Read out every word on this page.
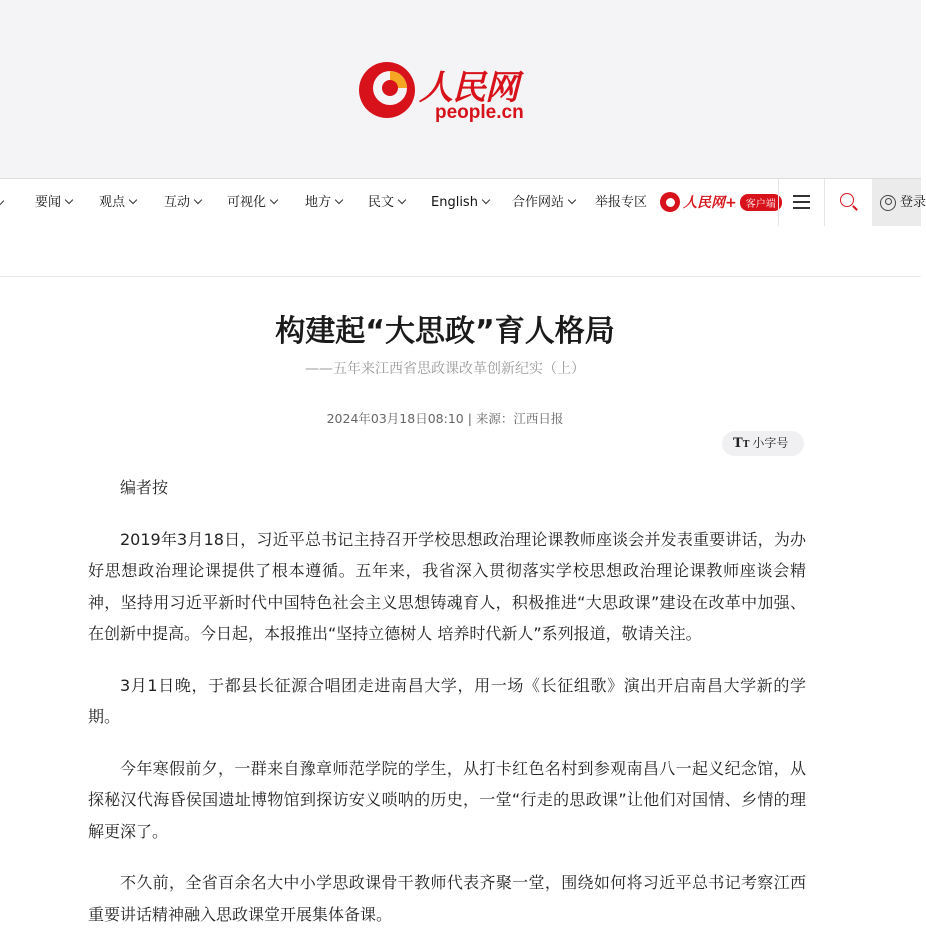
人民网
people.cn
要闻	观点	互动	可视化	地方	民文	English	合作网站	举报专区	人民网+ 客户端	登录
构建起“大思政”育人格局
——五年来江西省思政课改革创新纪实（上）
2024年03月18日08:10 | 来源：江西日报
TT 小字号

编者按

2019年3月18日，习近平总书记主持召开学校思想政治理论课教师座谈会并发表重要讲话，为办好思想政治理论课提供了根本遵循。五年来，我省深入贯彻落实学校思想政治理论课教师座谈会精神，坚持用习近平新时代中国特色社会主义思想铸魂育人，积极推进“大思政课”建设在改革中加强、在创新中提高。今日起，本报推出“坚持立德树人 培养时代新人”系列报道，敬请关注。

3月1日晚，于都县长征源合唱团走进南昌大学，用一场《长征组歌》演出开启南昌大学新的学期。

今年寒假前夕，一群来自豫章师范学院的学生，从打卡红色名村到参观南昌八一起义纪念馆，从探秘汉代海昏侯国遗址博物馆到探访安义唢呐的历史，一堂“行走的思政课”让他们对国情、乡情的理解更深了。

不久前，全省百余名大中小学思政课骨干教师代表齐聚一堂，围绕如何将习近平总书记考察江西重要讲话精神融入思政课堂开展集体备课。
